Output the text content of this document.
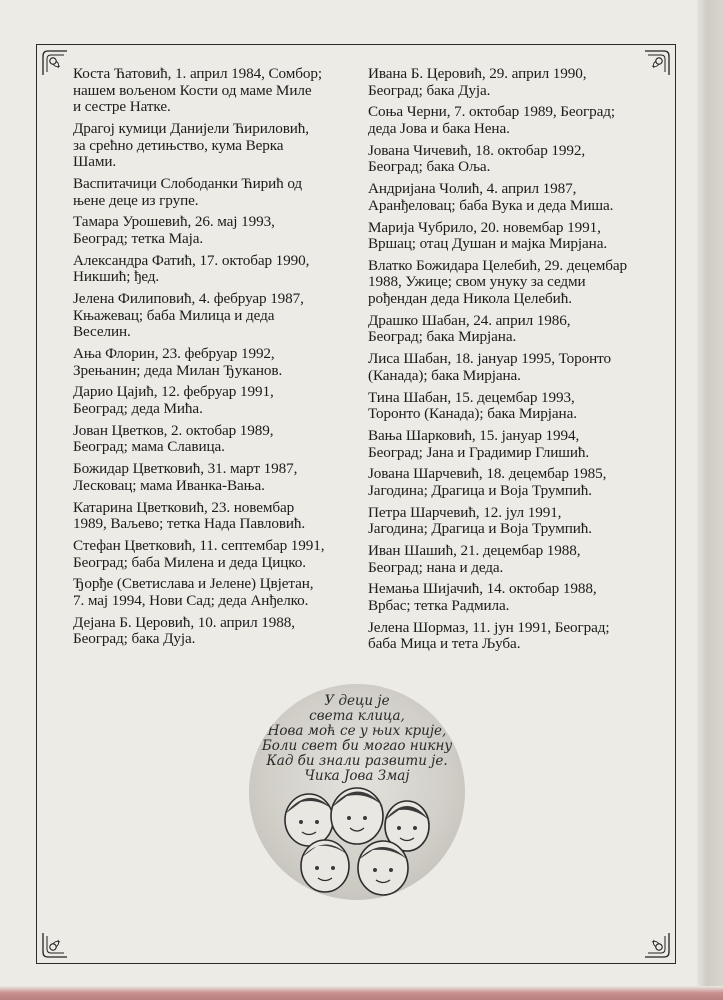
Коста Ћатовић, 1. април 1984, Сомбор;
нашем вољеном Кости од маме Миле
и сестре Натке.
Драгој кумици Данијели Ћириловић,
за срећно детињство, кума Верка
Шами.
Васпитачици Слободанки Ћирић од
њене деце из групе.
Тамара Урошевић, 26. мај 1993,
Београд; тетка Маја.
Александра Фатић, 17. октобар 1990,
Никшић; ђед.
Јелена Филиповић, 4. фебруар 1987,
Књажевац; баба Милица и деда
Веселин.
Ања Флорин, 23. фебруар 1992,
Зрењанин; деда Милан Ђуканов.
Дарио Цајић, 12. фебруар 1991,
Београд; деда Мића.
Јован Цветков, 2. октобар 1989,
Београд; мама Славица.
Божидар Цветковић, 31. март 1987,
Лесковац; мама Иванка-Вања.
Катарина Цветковић, 23. новембар
1989, Ваљево; тетка Нада Павловић.
Стефан Цветковић, 11. септембар 1991,
Београд; баба Милена и деда Цицко.
Ђорђе (Светислава и Јелене) Цвјетан,
7. мај 1994, Нови Сад; деда Анђелко.
Дејана Б. Церовић, 10. април 1988,
Београд; бака Дуја.
Ивана Б. Церовић, 29. април 1990,
Београд; бака Дуја.
Соња Черни, 7. октобар 1989, Београд;
деда Јова и бака Нена.
Јована Чичевић, 18. октобар 1992,
Београд; бака Оља.
Андријана Чолић, 4. април 1987,
Аранђеловац; баба Вука и деда Миша.
Марија Чубрило, 20. новембар 1991,
Вршац; отац Душан и мајка Мирјана.
Влатко Божидара Целебић, 29. децембар
1988, Ужице; свом унуку за седми
рођендан деда Никола Целебић.
Драшко Шабан, 24. април 1986,
Београд; бака Мирјана.
Лиса Шабан, 18. јануар 1995, Торонто
(Канада); бака Мирјана.
Тина Шабан, 15. децембар 1993,
Торонто (Канада); бака Мирјана.
Вања Шарковић, 15. јануар 1994,
Београд; Јана и Градимир Глишић.
Јована Шарчевић, 18. децембар 1985,
Јагодина; Драгица и Воја Трумпић.
Петра Шарчевић, 12. јул 1991,
Јагодина; Драгица и Воја Трумпић.
Иван Шашић, 21. децембар 1988,
Београд; нана и деда.
Немања Шијачић, 14. октобар 1988,
Врбас; тетка Радмила.
Јелена Шормаз, 11. јун 1991, Београд;
баба Мица и тета Љуба.
У деци је
света клица,
Нова моћ се у њих крије,
Боли свет би могао никну
Кад би знали развити је.
Чика Јова Змај
